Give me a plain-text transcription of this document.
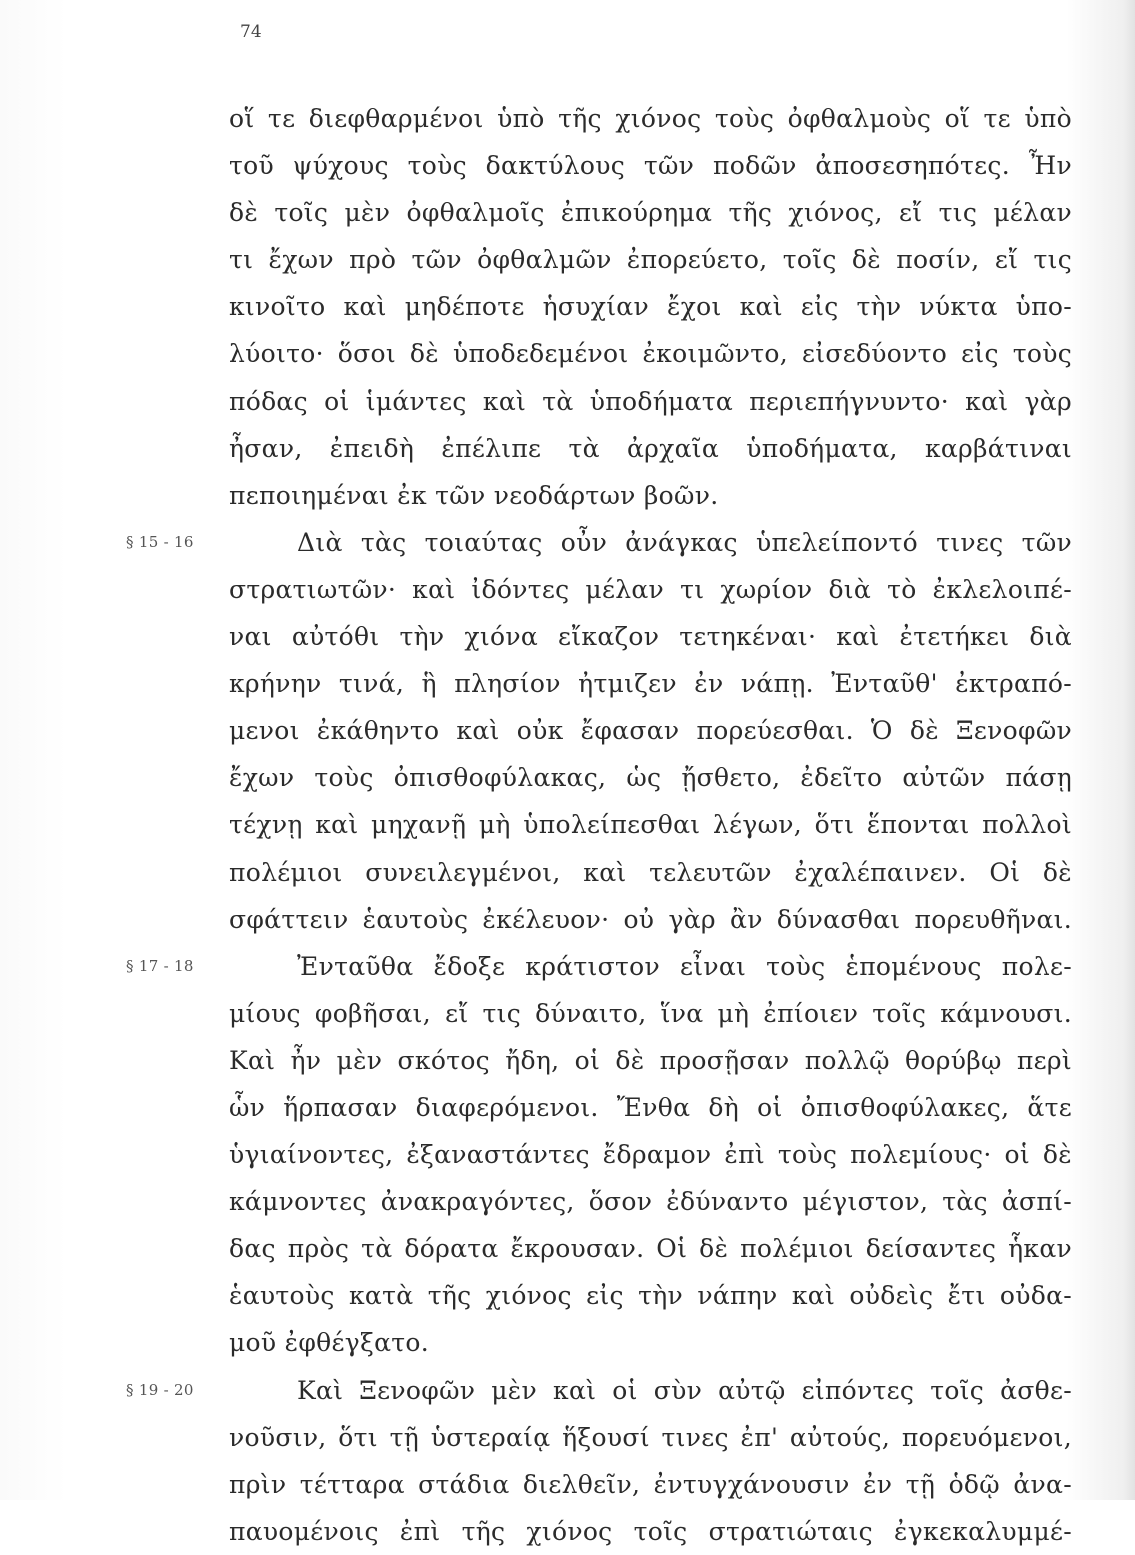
74
οἵ τε διεφθαρμένοι ὑπὸ τῆς χιόνος τοὺς ὀφθαλμοὺς οἵ τε ὑπὸ
τοῦ ψύχους τοὺς δακτύλους τῶν ποδῶν ἀποσεσηπότες. Ἦν
δὲ τοῖς μὲν ὀφθαλμοῖς ἐπικούρημα τῆς χιόνος, εἴ τις μέλαν
τι ἔχων πρὸ τῶν ὀφθαλμῶν ἐπορεύετο, τοῖς δὲ ποσίν, εἴ τις
κινοῖτο καὶ μηδέποτε ἡσυχίαν ἔχοι καὶ εἰς τὴν νύκτα ὑπο-
λύοιτο· ὅσοι δὲ ὑποδεδεμένοι ἐκοιμῶντο, εἰσεδύοντο εἰς τοὺς
πόδας οἱ ἱμάντες καὶ τὰ ὑποδήματα περιεπήγνυντο· καὶ γὰρ
ἦσαν, ἐπειδὴ ἐπέλιπε τὰ ἀρχαῖα ὑποδήματα, καρβάτιναι
πεποιημέναι ἐκ τῶν νεοδάρτων βοῶν.
§ 15 - 16	Διὰ τὰς τοιαύτας οὖν ἀνάγκας ὑπελείποντό τινες τῶν
στρατιωτῶν· καὶ ἰδόντες μέλαν τι χωρίον διὰ τὸ ἐκλελοιπέ-
ναι αὐτόθι τὴν χιόνα εἴκαζον τετηκέναι· καὶ ἐτετήκει διὰ
κρήνην τινά, ἣ πλησίον ἠτμιζεν ἐν νάπῃ. Ἐνταῦθ' ἐκτραπό-
μενοι ἐκάθηντο καὶ οὐκ ἔφασαν πορεύεσθαι. Ὁ δὲ Ξενοφῶν
ἔχων τοὺς ὀπισθοφύλακας, ὡς ᾔσθετο, ἐδεῖτο αὐτῶν πάσῃ
τέχνῃ καὶ μηχανῇ μὴ ὑπολείπεσθαι λέγων, ὅτι ἕπονται πολλοὶ
πολέμιοι συνειλεγμένοι, καὶ τελευτῶν ἐχαλέπαινεν. Οἱ δὲ
σφάττειν ἑαυτοὺς ἐκέλευον· οὐ γὰρ ἂν δύνασθαι πορευθῆναι.
§ 17 - 18	Ἐνταῦθα ἔδοξε κράτιστον εἶναι τοὺς ἑπομένους πολε-
μίους φοβῆσαι, εἴ τις δύναιτο, ἵνα μὴ ἐπίοιεν τοῖς κάμνουσι.
Καὶ ἦν μὲν σκότος ἤδη, οἱ δὲ προσῇσαν πολλῷ θορύβῳ περὶ
ὧν ἥρπασαν διαφερόμενοι. Ἔνθα δὴ οἱ ὀπισθοφύλακες, ἅτε
ὑγιαίνοντες, ἐξαναστάντες ἔδραμον ἐπὶ τοὺς πολεμίους· οἱ δὲ
κάμνοντες ἀνακραγόντες, ὅσον ἐδύναντο μέγιστον, τὰς ἀσπί-
δας πρὸς τὰ δόρατα ἔκρουσαν. Οἱ δὲ πολέμιοι δείσαντες ἧκαν
ἑαυτοὺς κατὰ τῆς χιόνος εἰς τὴν νάπην καὶ οὐδεὶς ἔτι οὐδα-
μοῦ ἐφθέγξατο.
§ 19 - 20	Καὶ Ξενοφῶν μὲν καὶ οἱ σὺν αὐτῷ εἰπόντες τοῖς ἀσθε-
νοῦσιν, ὅτι τῇ ὑστεραίᾳ ἥξουσί τινες ἐπ' αὐτούς, πορευόμενοι,
πρὶν τέτταρα στάδια διελθεῖν, ἐντυγχάνουσιν ἐν τῇ ὁδῷ ἀνα-
παυομένοις ἐπὶ τῆς χιόνος τοῖς στρατιώταις ἐγκεκαλυμμέ-
